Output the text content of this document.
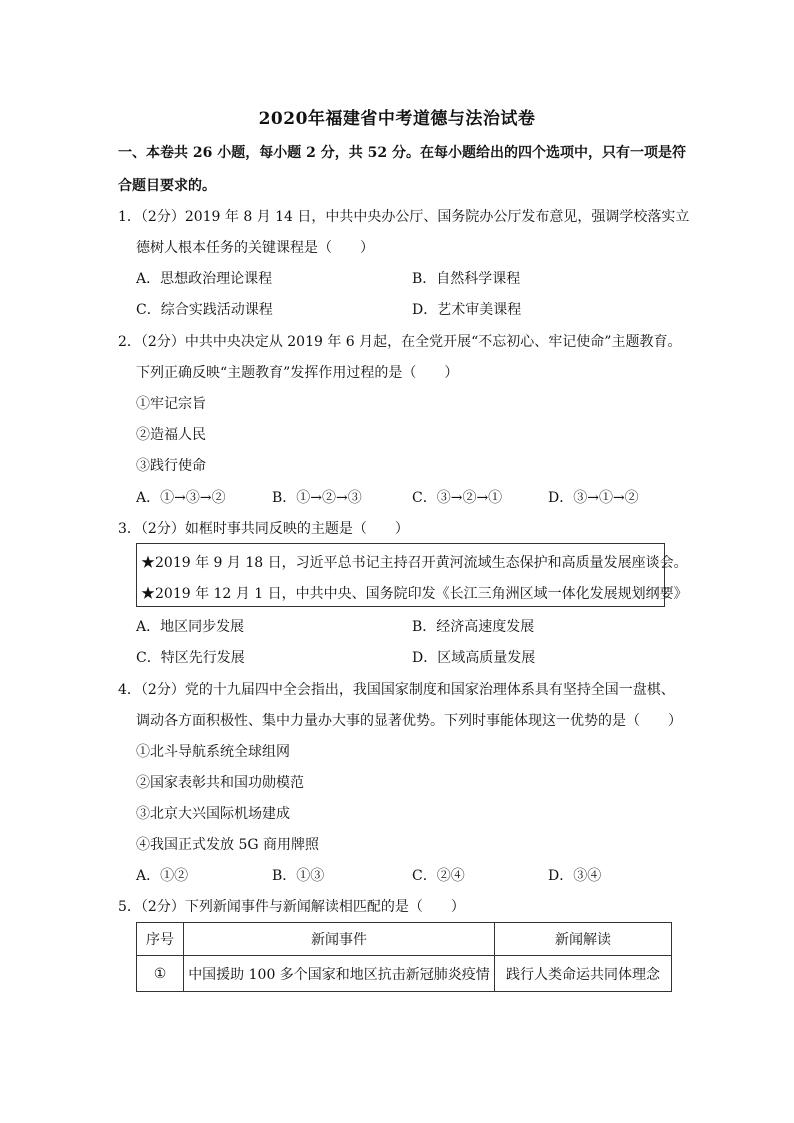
2020年福建省中考道德与法治试卷
一、本卷共 26 小题，每小题 2 分，共 52 分。在每小题给出的四个选项中，只有一项是符
合题目要求的。
1．（2分）2019 年 8 月 14 日，中共中央办公厅、国务院办公厅发布意见，强调学校落实立
德树人根本任务的关键课程是（　　）
A．思想政治理论课程	B．自然科学课程
C．综合实践活动课程	D．艺术审美课程
2．（2分）中共中央决定从 2019 年 6 月起，在全党开展“不忘初心、牢记使命”主题教育。
下列正确反映“主题教育”发挥作用过程的是（　　）
①牢记宗旨
②造福人民
③践行使命
A．①→③→②	B．①→②→③	C．③→②→①	D．③→①→②
3．（2分）如框时事共同反映的主题是（　　）
★2019 年 9 月 18 日，习近平总书记主持召开黄河流域生态保护和高质量发展座谈会。
★2019 年 12 月 1 日，中共中央、国务院印发《长江三角洲区域一体化发展规划纲要》
A．地区同步发展	B．经济高速度发展
C．特区先行发展	D．区域高质量发展
4．（2分）党的十九届四中全会指出，我国国家制度和国家治理体系具有坚持全国一盘棋、
调动各方面积极性、集中力量办大事的显著优势。下列时事能体现这一优势的是（　　）
①北斗导航系统全球组网
②国家表彰共和国功勋模范
③北京大兴国际机场建成
④我国正式发放 5G 商用牌照
A．①②	B．①③	C．②④	D．③④
5．（2分）下列新闻事件与新闻解读相匹配的是（　　）
序号	新闻事件	新闻解读
①	中国援助 100 多个国家和地区抗击新冠肺炎疫情	践行人类命运共同体理念
